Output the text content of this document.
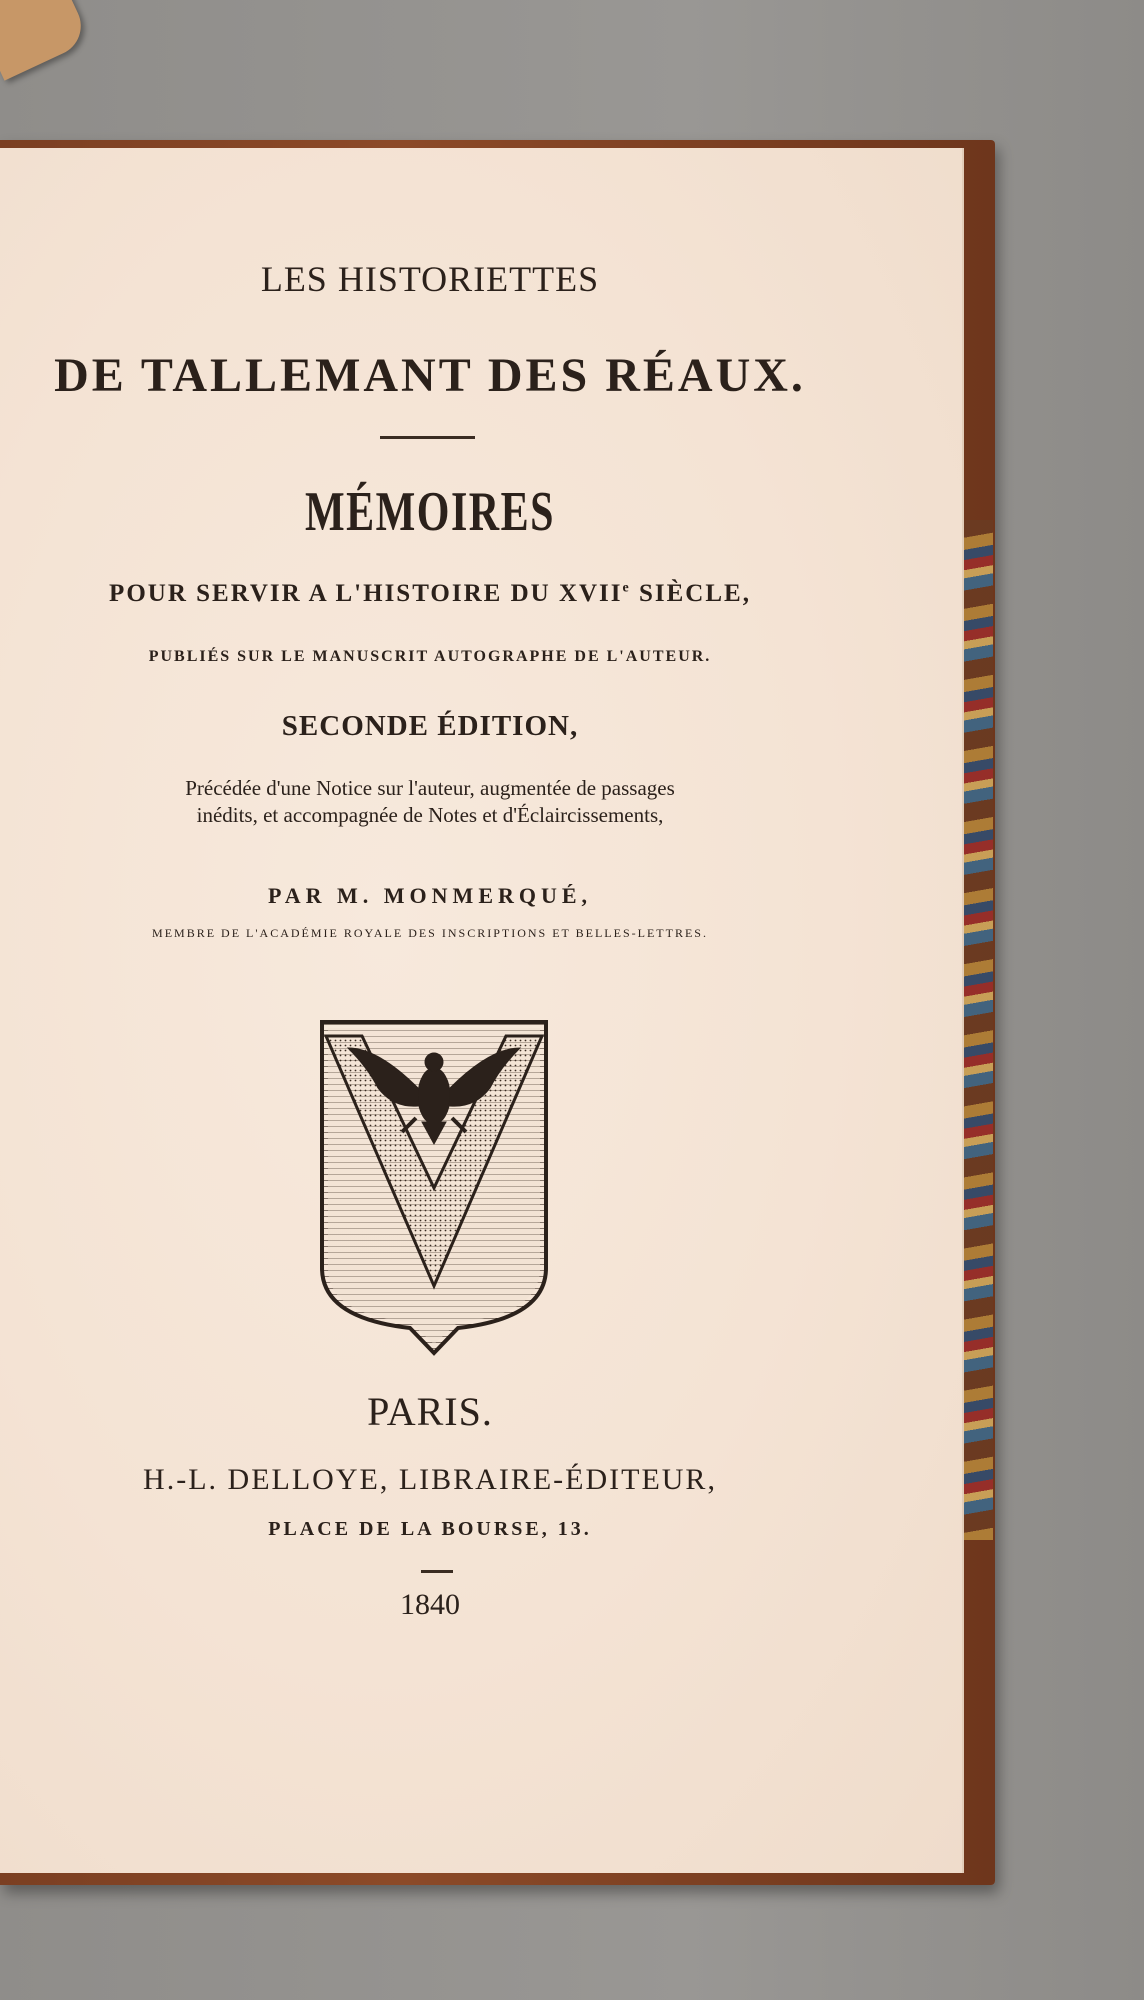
LES HISTORIETTES
DE TALLEMANT DES RÉAUX.
MÉMOIRES
POUR SERVIR A L'HISTOIRE DU XVIIe SIÈCLE,
PUBLIÉS SUR LE MANUSCRIT AUTOGRAPHE DE L'AUTEUR.
SECONDE ÉDITION,
Précédée d'une Notice sur l'auteur, augmentée de passages
inédits, et accompagnée de Notes et d'Éclaircissements,
PAR M. MONMERQUÉ,
MEMBRE DE L'ACADÉMIE ROYALE DES INSCRIPTIONS ET BELLES-LETTRES.
PARIS.
H.-L. DELLOYE, LIBRAIRE-ÉDITEUR,
PLACE DE LA BOURSE, 13.
1840
